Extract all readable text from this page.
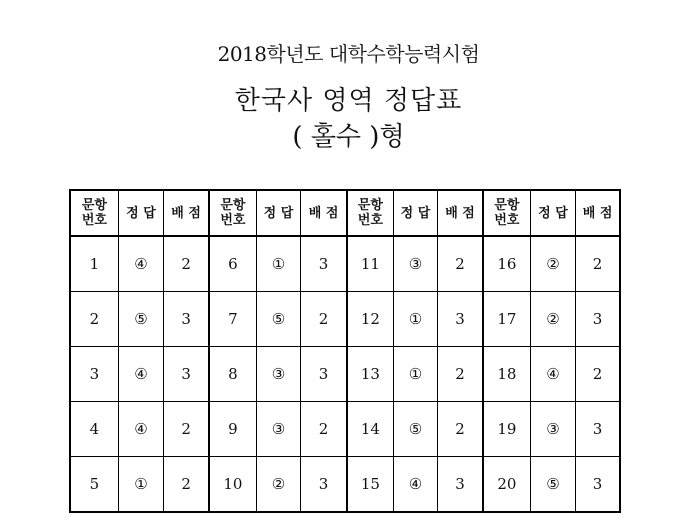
2018학년도 대학수학능력시험
한국사 영역 정답표
( 홀수 )형
문항번호	정 답	배 점	문항번호	정 답	배 점	문항번호	정 답	배 점	문항번호	정 답	배 점
1	④	2	6	①	3	11	③	2	16	②	2
2	⑤	3	7	⑤	2	12	①	3	17	②	3
3	④	3	8	③	3	13	①	2	18	④	2
4	④	2	9	③	2	14	⑤	2	19	③	3
5	①	2	10	②	3	15	④	3	20	⑤	3
